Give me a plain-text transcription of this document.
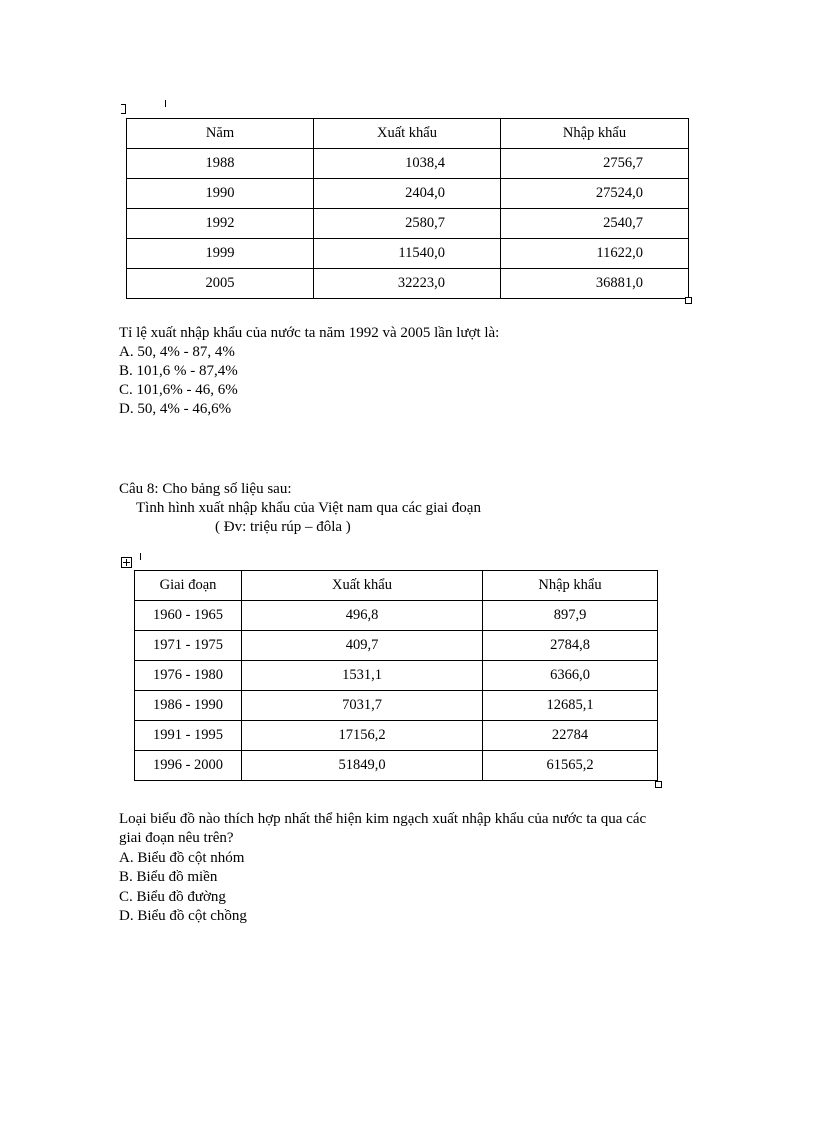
Năm	Xuất khẩu	Nhập khẩu
1988	1038,4	2756,7
1990	2404,0	27524,0
1992	2580,7	2540,7
1999	11540,0	11622,0
2005	32223,0	36881,0
Tỉ lệ xuất nhập khẩu của nước ta năm 1992 và 2005 lần lượt là:
A. 50, 4% - 87, 4%
B. 101,6 % - 87,4%
C. 101,6% - 46, 6%
D. 50, 4% - 46,6%
Câu 8: Cho bảng số liệu sau:
Tình hình xuất nhập khẩu của Việt nam qua các giai đoạn
( Đv: triệu rúp – đôla )
Giai đoạn	Xuất khẩu	Nhập khẩu
1960 - 1965	496,8	897,9
1971 - 1975	409,7	2784,8
1976 - 1980	1531,1	6366,0
1986 - 1990	7031,7	12685,1
1991 - 1995	17156,2	22784
1996 - 2000	51849,0	61565,2
Loại biểu đồ nào thích hợp nhất thể hiện kim ngạch xuất nhập khẩu của nước ta qua các
giai đoạn nêu trên?
A. Biểu đồ cột nhóm
B. Biểu đồ miền
C. Biểu đồ đường
D. Biểu đồ cột chồng
